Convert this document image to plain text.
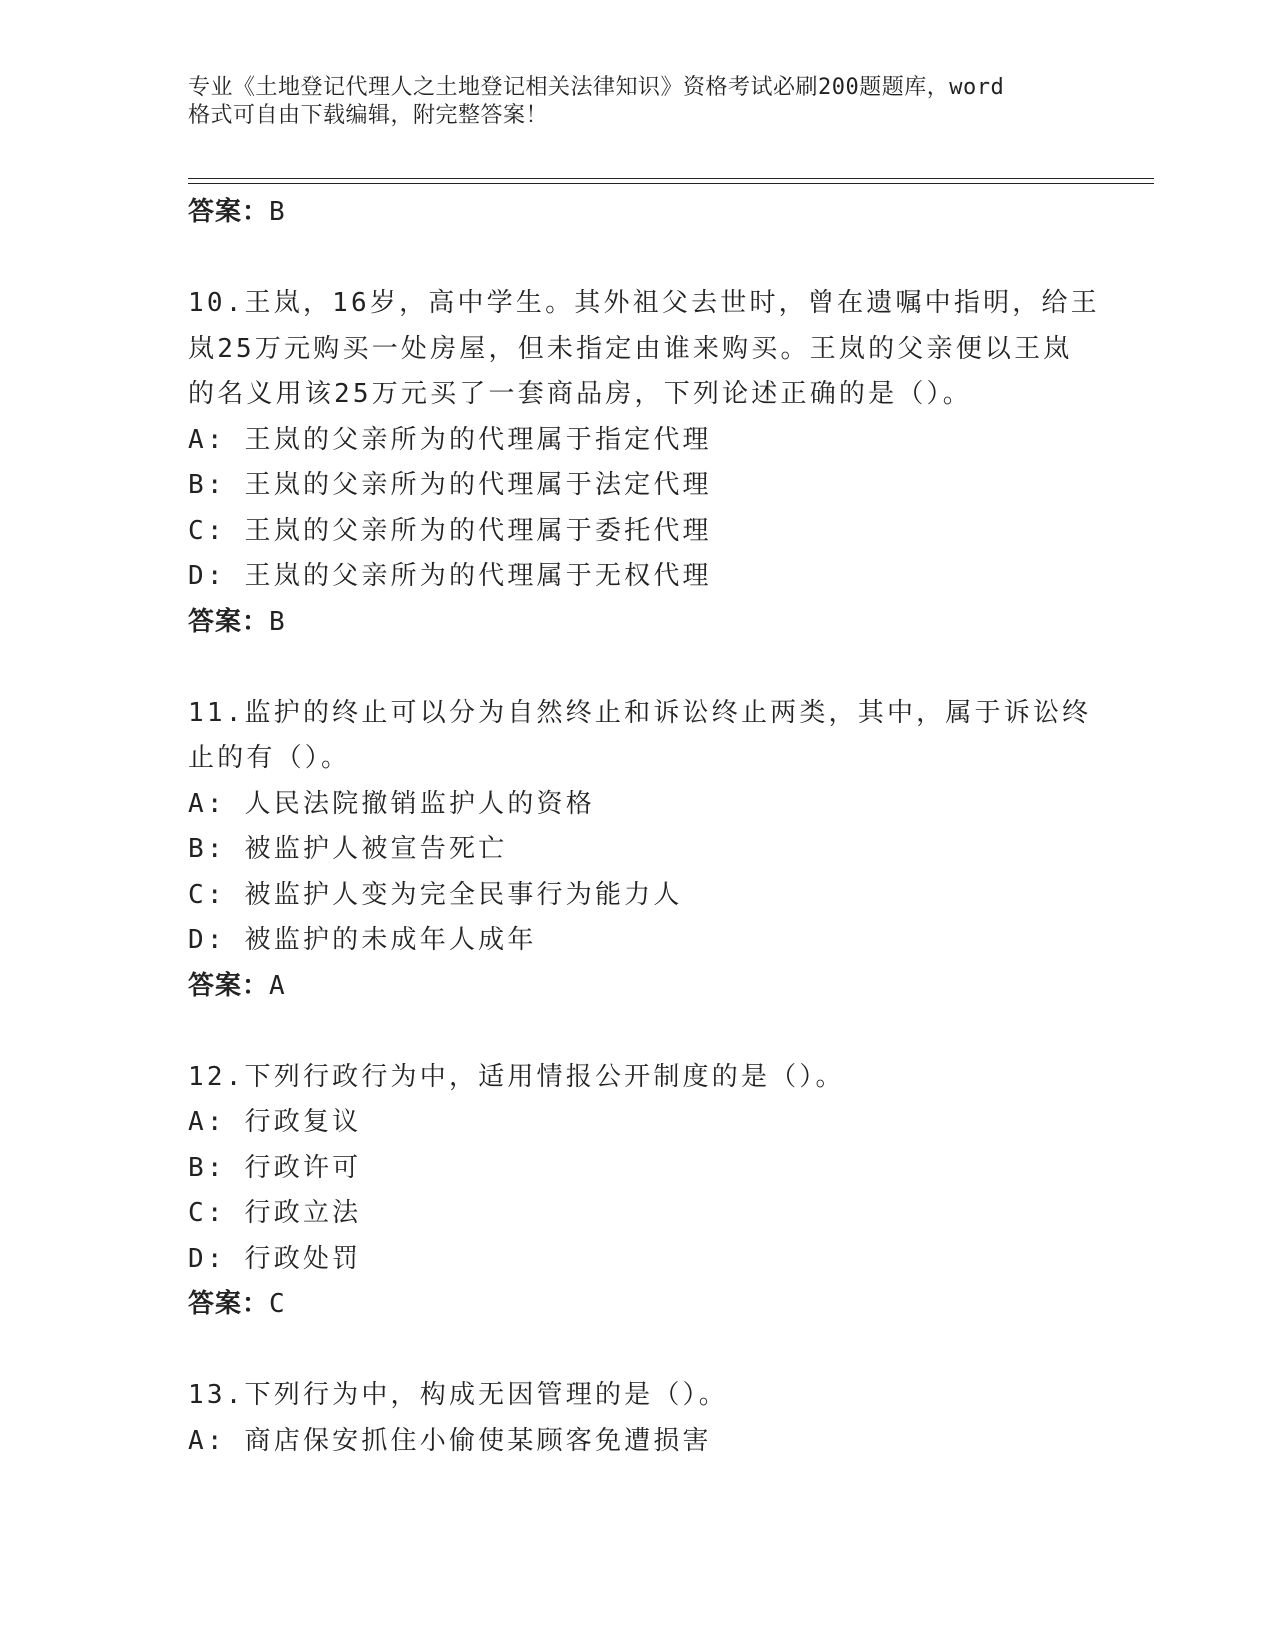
专业《土地登记代理人之土地登记相关法律知识》资格考试必刷200题题库，word
格式可自由下载编辑，附完整答案！
答案：B
10.王岚，16岁，高中学生。其外祖父去世时，曾在遗嘱中指明，给王
岚25万元购买一处房屋，但未指定由谁来购买。王岚的父亲便以王岚
的名义用该25万元买了一套商品房，下列论述正确的是（）。
A: 王岚的父亲所为的代理属于指定代理
B: 王岚的父亲所为的代理属于法定代理
C: 王岚的父亲所为的代理属于委托代理
D: 王岚的父亲所为的代理属于无权代理
答案：B
11.监护的终止可以分为自然终止和诉讼终止两类，其中，属于诉讼终
止的有（）。
A: 人民法院撤销监护人的资格
B: 被监护人被宣告死亡
C: 被监护人变为完全民事行为能力人
D: 被监护的未成年人成年
答案：A
12.下列行政行为中，适用情报公开制度的是（）。
A: 行政复议
B: 行政许可
C: 行政立法
D: 行政处罚
答案：C
13.下列行为中，构成无因管理的是（）。
A: 商店保安抓住小偷使某顾客免遭损害
